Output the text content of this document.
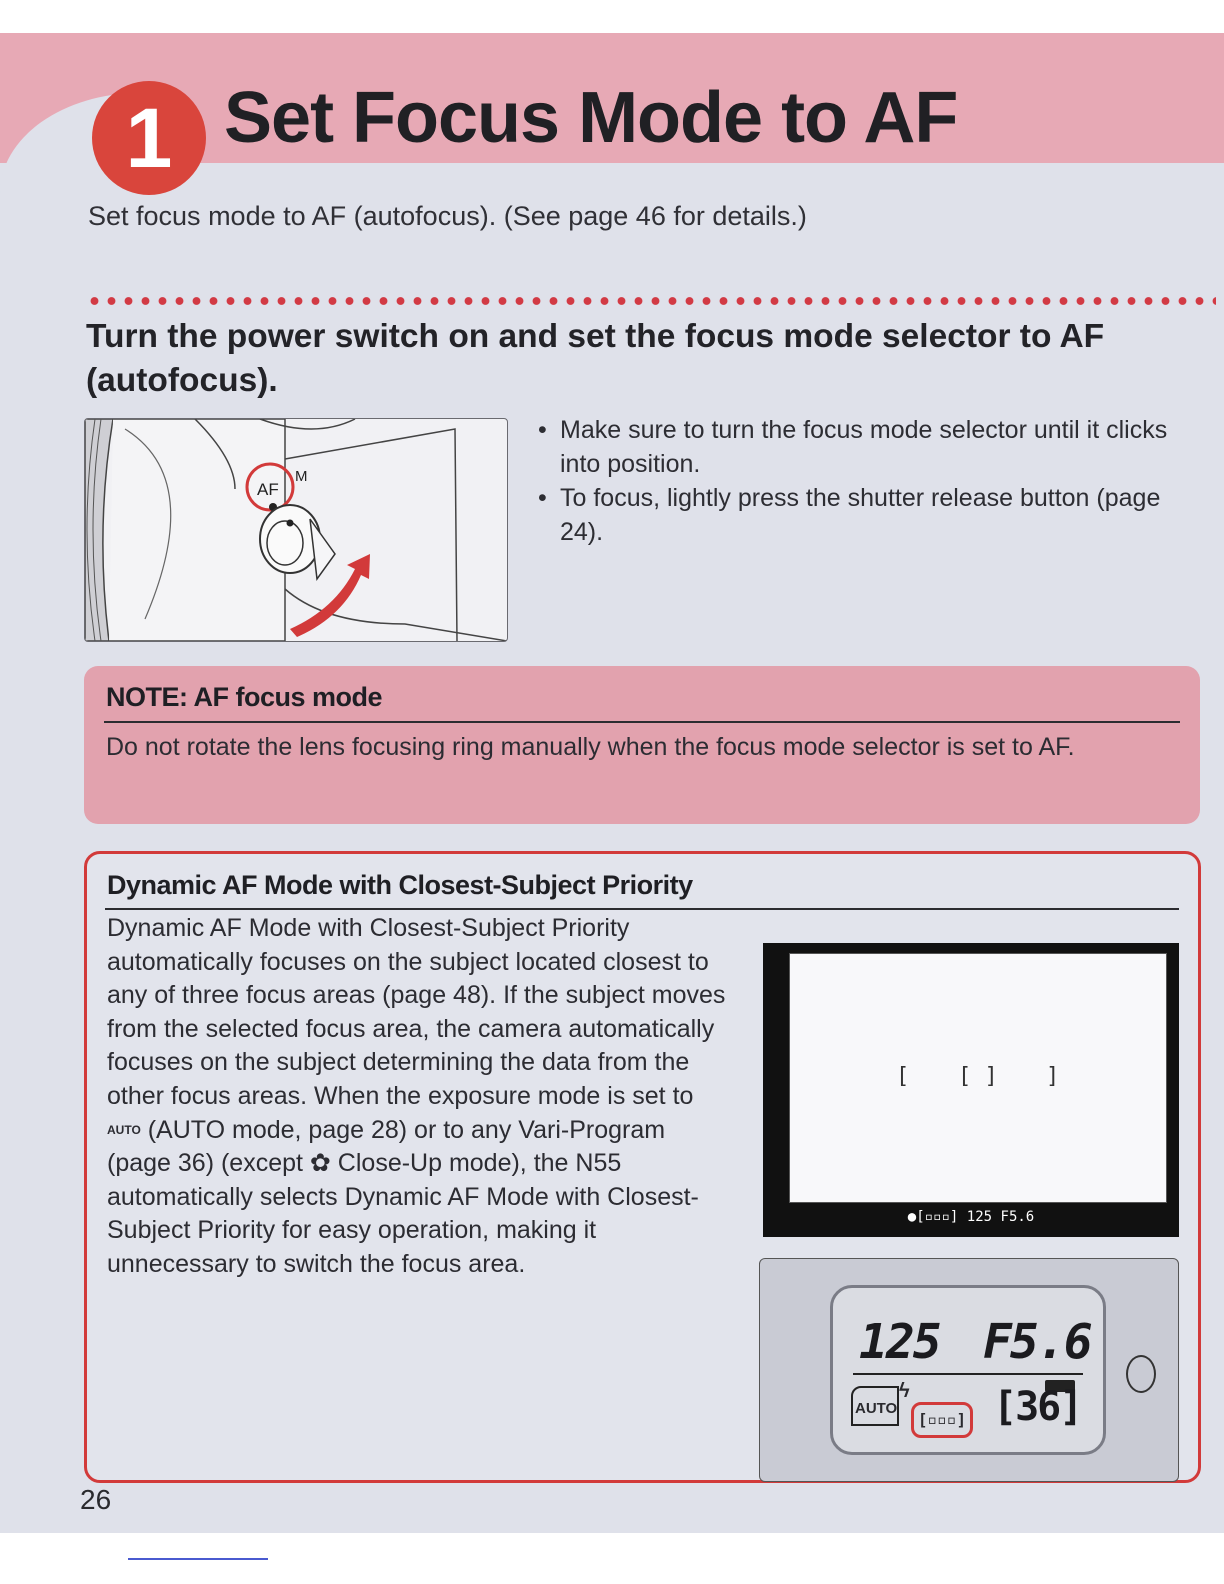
1 Set Focus Mode to AF

Set focus mode to AF (autofocus). (See page 46 for details.)

Turn the power switch on and set the focus mode selector to AF (autofocus).
AF
M
• Make sure to turn the focus mode selector until it clicks into position.
• To focus, lightly press the shutter release button (page 24).
NOTE: AF focus mode

Do not rotate the lens focusing ring manually when the focus mode selector is set to AF.

Dynamic AF Mode with Closest-Subject Priority

Dynamic AF Mode with Closest-Subject Priority automatically focuses on the subject located closest to any of three focus areas (page 48). If the subject moves from the selected focus area, the camera automatically focuses on the subject determining the data from the other focus areas. When the exposure mode is set to AUTO (AUTO mode, page 28) or to any Vari-Program (page 36) (except ✿ Close-Up mode), the N55 automatically selects Dynamic AF Mode with Closest-Subject Priority for easy operation, making it unnecessary to switch the focus area.

[ [ ] ]
●[▫▫▫] 125 F5.6
125 F5.6
AUTO
ϟ
[▫▫▫] [36]

26
